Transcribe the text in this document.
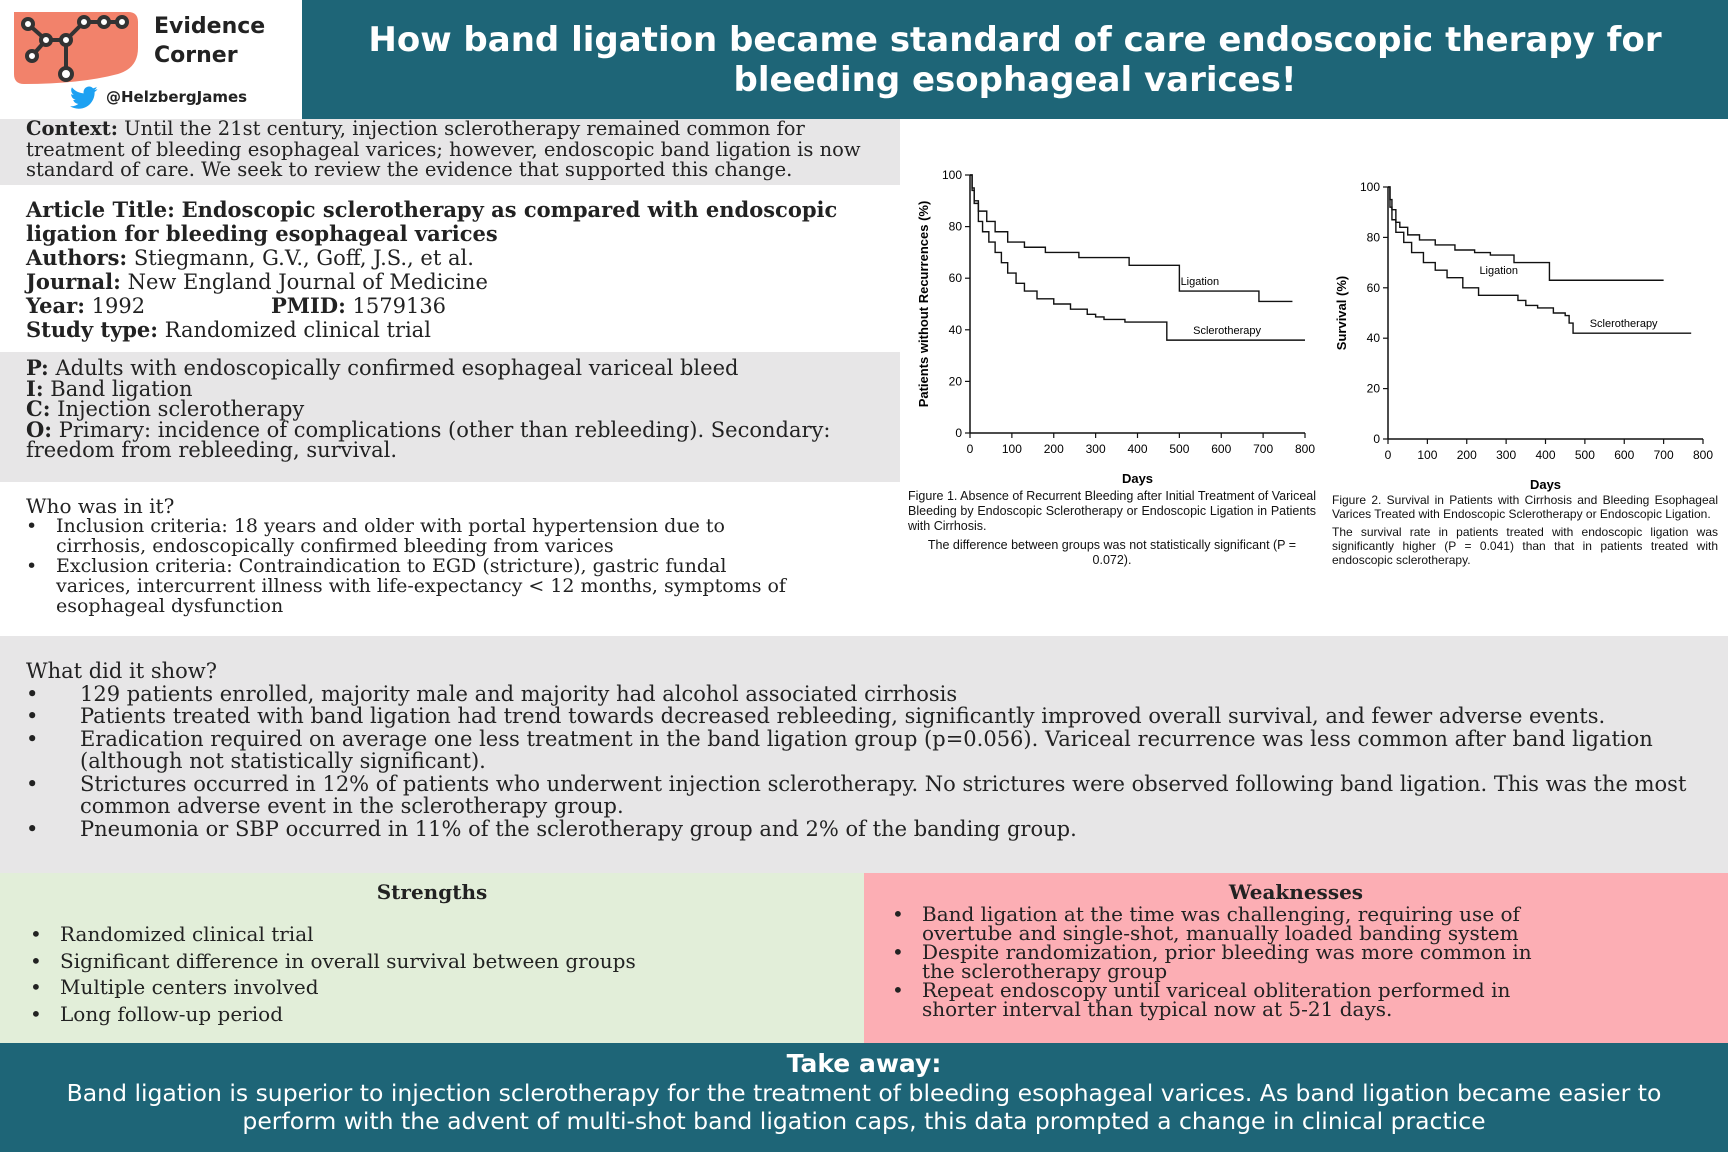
Evidence
Corner
@HelzbergJames
How band ligation became standard of care endoscopic therapy for bleeding esophageal varices!
Context: Until the 21st century, injection sclerotherapy remained common for treatment of bleeding esophageal varices; however, endoscopic band ligation is now standard of care. We seek to review the evidence that supported this change.
Article Title: Endoscopic sclerotherapy as compared with endoscopic ligation for bleeding esophageal varices
Authors: Stiegmann, G.V., Goff, J.S., et al.
Journal: New England Journal of Medicine
Year: 1992	PMID: 1579136
Study type: Randomized clinical trial
P: Adults with endoscopically confirmed esophageal variceal bleed
I: Band ligation
C: Injection sclerotherapy
O: Primary: incidence of complications (other than rebleeding). Secondary: freedom from rebleeding, survival.
Who was in it?
• Inclusion criteria: 18 years and older with portal hypertension due to cirrhosis, endoscopically confirmed bleeding from varices
• Exclusion criteria: Contraindication to EGD (stricture), gastric fundal varices, intercurrent illness with life-expectancy < 12 months, symptoms of esophageal dysfunction
0
20
40
60
80
100
0 100 200 300 400 500 600 700 800
Days
Patients without Recurrences (%)	Ligation
Sclerotherapy
Figure 1. Absence of Recurrent Bleeding after Initial Treatment of Variceal Bleeding by Endoscopic Sclerotherapy or Endoscopic Ligation in Patients with Cirrhosis.
The difference between groups was not statistically significant (P = 0.072).
0
20
40
60
80
100
0 100 200 300 400 500 600 700 800
Days
Survival (%)
Ligation
Sclerotherapy
Figure 2. Survival in Patients with Cirrhosis and Bleeding Esophageal Varices Treated with Endoscopic Sclerotherapy or Endoscopic Ligation.
The survival rate in patients treated with endoscopic ligation was significantly higher (P = 0.041) than that in patients treated with endoscopic sclerotherapy.
What did it show?
• 129 patients enrolled, majority male and majority had alcohol associated cirrhosis
• Patients treated with band ligation had trend towards decreased rebleeding, significantly improved overall survival, and fewer adverse events.
• Eradication required on average one less treatment in the band ligation group (p=0.056). Variceal recurrence was less common after band ligation (although not statistically significant).
• Strictures occurred in 12% of patients who underwent injection sclerotherapy. No strictures were observed following band ligation. This was the most common adverse event in the sclerotherapy group.
• Pneumonia or SBP occurred in 11% of the sclerotherapy group and 2% of the banding group.
Strengths
• Randomized clinical trial
• Significant difference in overall survival between groups
• Multiple centers involved
• Long follow-up period
Weaknesses
• Band ligation at the time was challenging, requiring use of overtube and single-shot, manually loaded banding system
• Despite randomization, prior bleeding was more common in the sclerotherapy group
• Repeat endoscopy until variceal obliteration performed in shorter interval than typical now at 5-21 days.
Take away:
Band ligation is superior to injection sclerotherapy for the treatment of bleeding esophageal varices. As band ligation became easier to perform with the advent of multi-shot band ligation caps, this data prompted a change in clinical practice
